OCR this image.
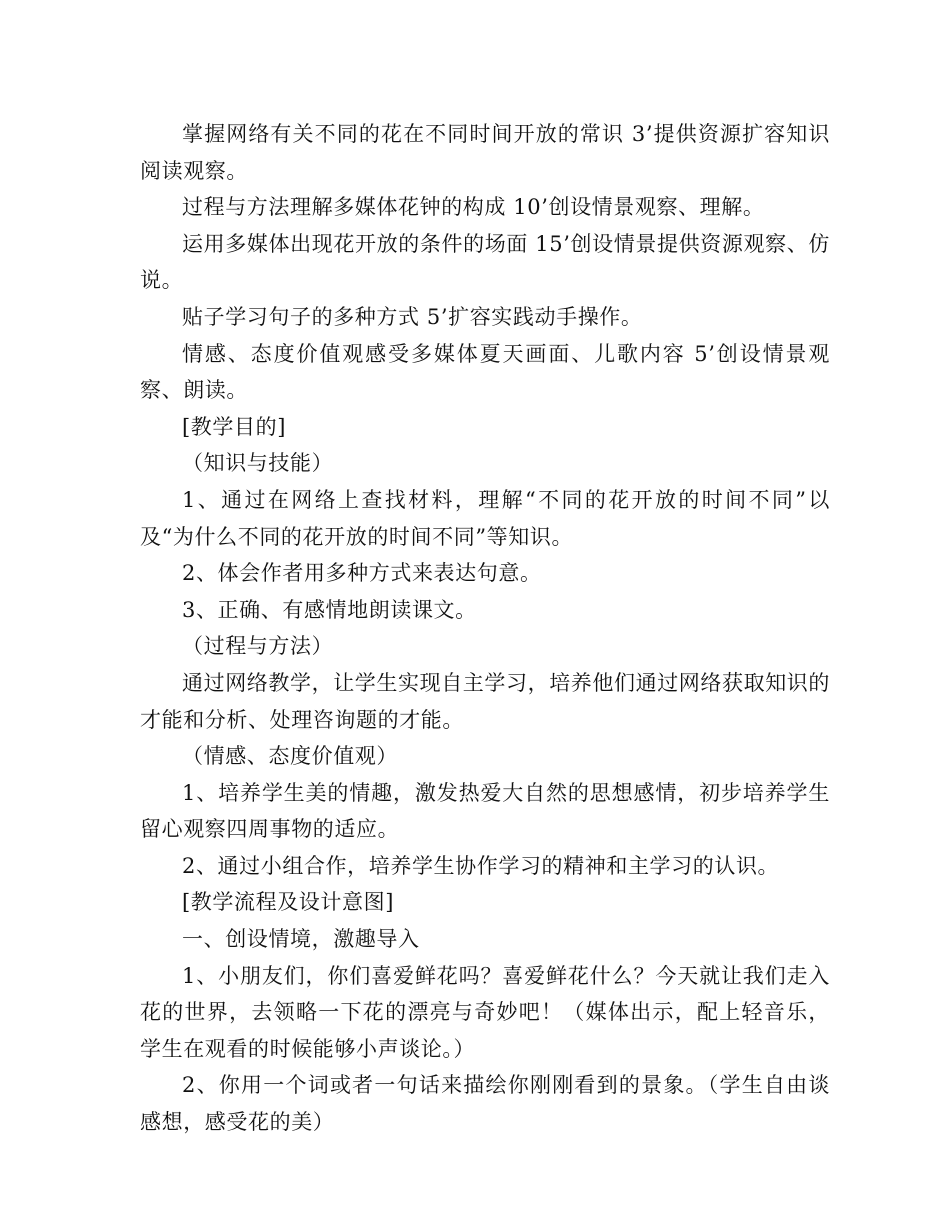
掌握网络有关不同的花在不同时间开放的常识 3’提供资源扩容知识阅读观察。

过程与方法理解多媒体花钟的构成 10’创设情景观察、理解。

运用多媒体出现花开放的条件的场面 15’创设情景提供资源观察、仿说。

贴子学习句子的多种方式 5’扩容实践动手操作。

情感、态度价值观感受多媒体夏天画面、儿歌内容 5’创设情景观察、朗读。

[教学目的]

（知识与技能）

1、通过在网络上查找材料，理解“不同的花开放的时间不同”以及“为什么不同的花开放的时间不同”等知识。

2、体会作者用多种方式来表达句意。

3、正确、有感情地朗读课文。

（过程与方法）

通过网络教学，让学生实现自主学习，培养他们通过网络获取知识的才能和分析、处理咨询题的才能。

（情感、态度价值观）

1、培养学生美的情趣，激发热爱大自然的思想感情，初步培养学生留心观察四周事物的适应。

2、通过小组合作，培养学生协作学习的精神和主学习的认识。

[教学流程及设计意图]

一、创设情境，激趣导入

1、小朋友们，你们喜爱鲜花吗？喜爱鲜花什么？今天就让我们走入花的世界，去领略一下花的漂亮与奇妙吧！（媒体出示，配上轻音乐，学生在观看的时候能够小声谈论。）

2、你用一个词或者一句话来描绘你刚刚看到的景象。（学生自由谈感想，感受花的美）
